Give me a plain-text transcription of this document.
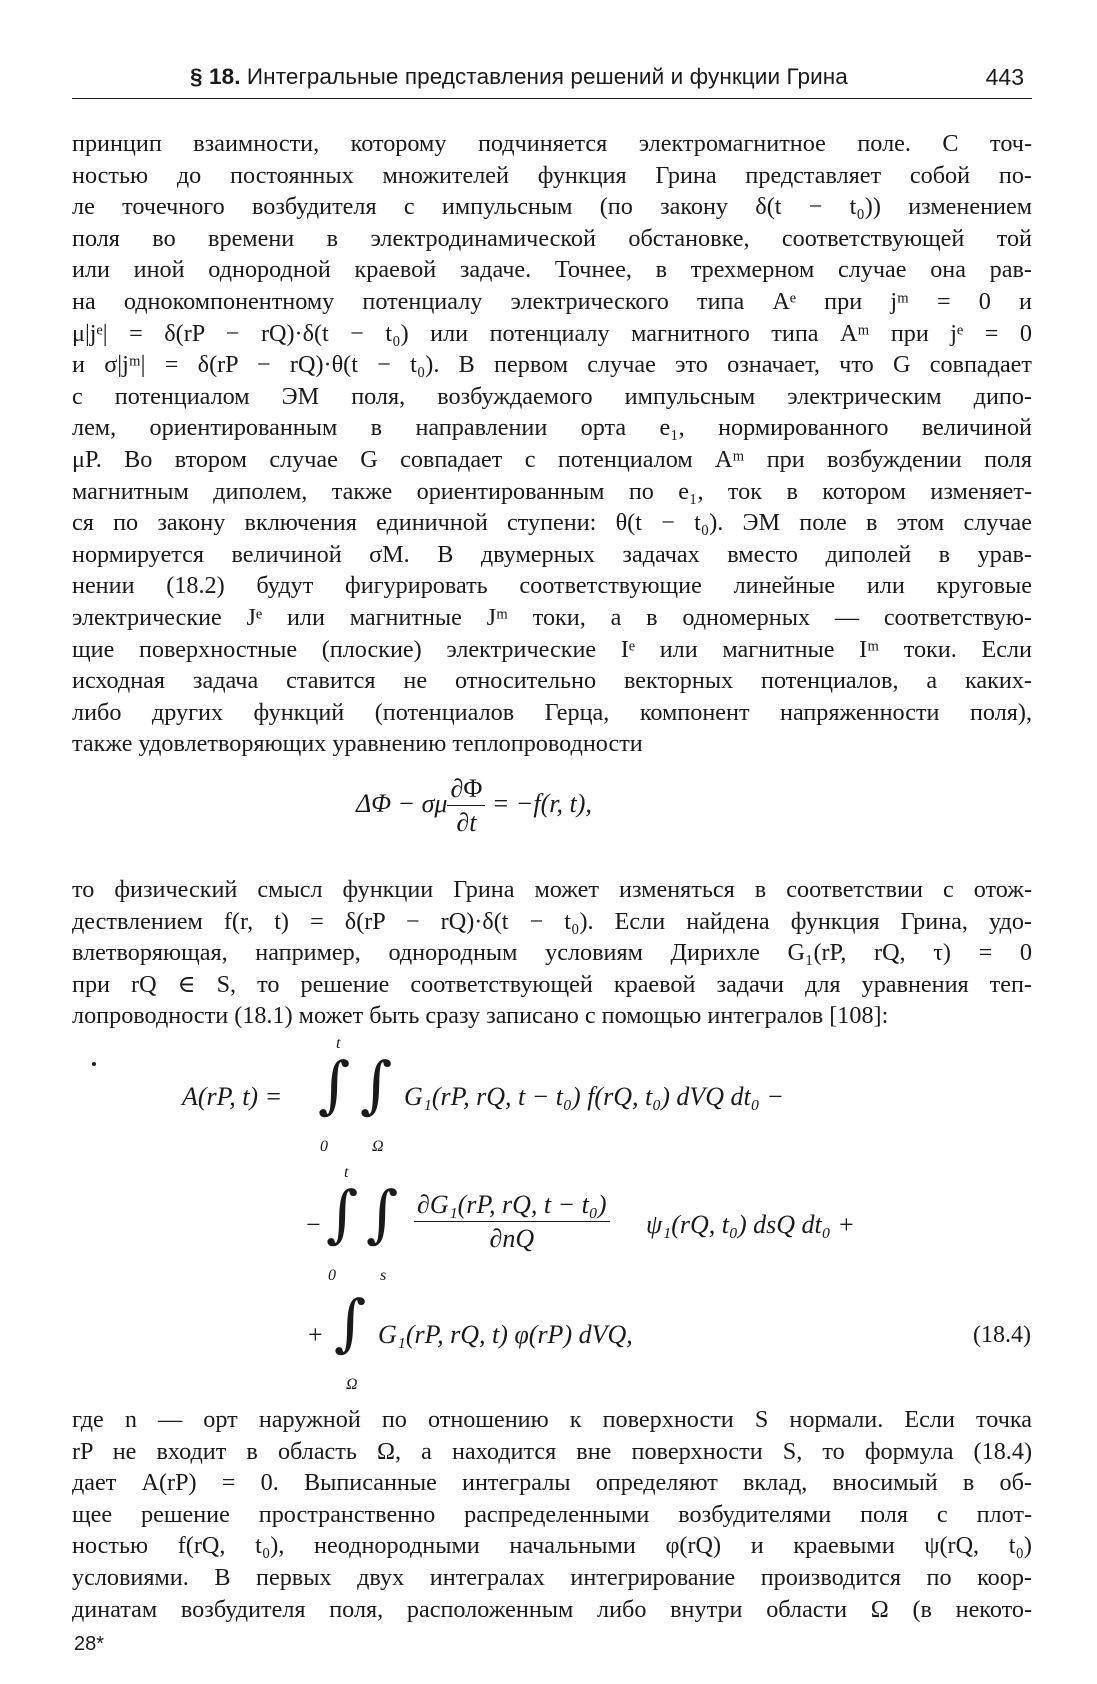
§ 18. Интегральные представления решений и функции Грина	443
принцип взаимности, которому подчиняется электромагнитное поле. С точ-
ностью до постоянных множителей функция Грина представляет собой по-
ле точечного возбудителя с импульсным (по закону δ(t − t₀)) изменением
поля во времени в электродинамической обстановке, соответствующей той
или иной однородной краевой задаче. Точнее, в трехмерном случае она рав-
на однокомпонентному потенциалу электрического типа Aᵉ при jᵐ = 0 и
μ|jᵉ| = δ(rP − rQ)·δ(t − t₀) или потенциалу магнитного типа Aᵐ при jᵉ = 0
и σ|jᵐ| = δ(rP − rQ)·θ(t − t₀). В первом случае это означает, что G совпадает
с потенциалом ЭМ поля, возбуждаемого импульсным электрическим дипо-
лем, ориентированным в направлении орта e₁, нормированного величиной
μP. Во втором случае G совпадает с потенциалом Aᵐ при возбуждении поля
магнитным диполем, также ориентированным по e₁, ток в котором изменяет-
ся по закону включения единичной ступени: θ(t − t₀). ЭМ поле в этом случае
нормируется величиной σM. В двумерных задачах вместо диполей в урав-
нении (18.2) будут фигурировать соответствующие линейные или круговые
электрические Jᵉ или магнитные Jᵐ токи, а в одномерных — соответствую-
щие поверхностные (плоские) электрические Iᵉ или магнитные Iᵐ токи. Если
исходная задача ставится не относительно векторных потенциалов, а каких-
либо других функций (потенциалов Герца, компонент напряженности поля),
также удовлетворяющих уравнению теплопроводности
ΔΦ − σμ $\frac{\partial\Phi}{\partial t} = -f(r$, t),
то физический смысл функции Грина может изменяться в соответствии с отож-
дествлением f(r, t) = δ(rP − rQ)·δ(t − t₀). Если найдена функция Грина, удо-
влетворяющая, например, однородным условиям Дирихле G₁(rP, rQ, τ) = 0
при rQ ∈ S, то решение соответствующей краевой задачи для уравнения теп-
лопроводности (18.1) может быть сразу записано с помощью интегралов [108]:
t
∫
0
∫
Ω
A(rP, t) =	G₁(rP, rQ, t − t₀) f(rQ, t₀) dVQ dt₀ −
t
− ∫
0
∫
s
$\frac{\text{∂G₁(rP, rQ, t − t₀)}}{\partial nQ} \psi_1(rQ$, t₀) dsQ dt₀ +
+ ∫
Ω
G₁(rP, rQ, t) φ(rP) dVQ,	(18.4)
где n — орт наружной по отношению к поверхности S нормали. Если точка
rP не входит в область Ω, а находится вне поверхности S, то формула (18.4)
дает A(rP) = 0. Выписанные интегралы определяют вклад, вносимый в об-
щее решение пространственно распределенными возбудителями поля с плот-
ностью f(rQ, t₀), неоднородными начальными φ(rQ) и краевыми ψ(rQ, t₀)
условиями. В первых двух интегралах интегрирование производится по коор-
динатам возбудителя поля, расположенным либо внутри области Ω (в некото-
28*
